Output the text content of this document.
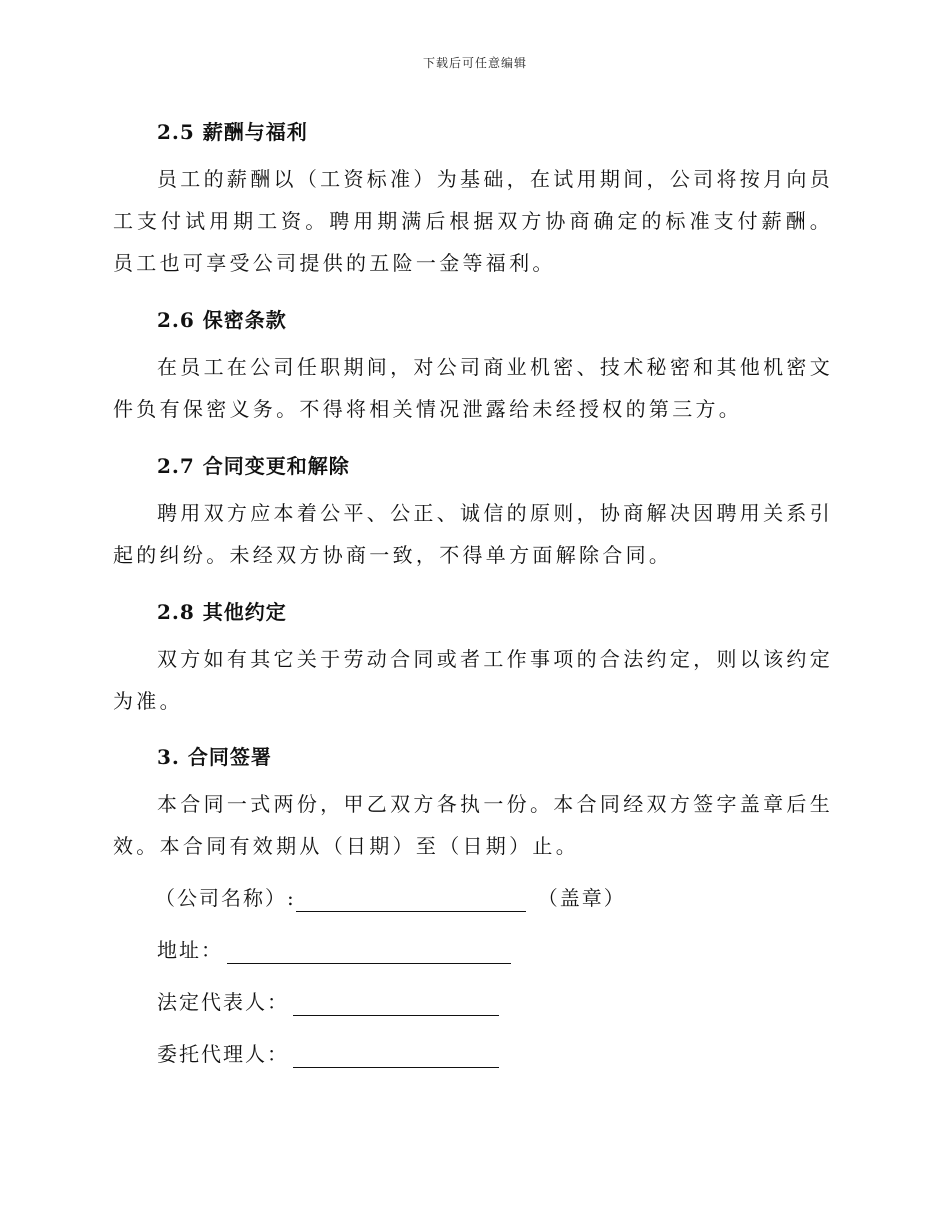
下载后可任意编辑
2.5 薪酬与福利
员工的薪酬以（工资标准）为基础，在试用期间，公司将按月向员工支付试用期工资。聘用期满后根据双方协商确定的标准支付薪酬。员工也可享受公司提供的五险一金等福利。
2.6 保密条款
在员工在公司任职期间，对公司商业机密、技术秘密和其他机密文件负有保密义务。不得将相关情况泄露给未经授权的第三方。
2.7 合同变更和解除
聘用双方应本着公平、公正、诚信的原则，协商解决因聘用关系引起的纠纷。未经双方协商一致，不得单方面解除合同。
2.8 其他约定
双方如有其它关于劳动合同或者工作事项的合法约定，则以该约定为准。
3. 合同签署
本合同一式两份，甲乙双方各执一份。本合同经双方签字盖章后生效。本合同有效期从（日期）至（日期）止。
（公司名称）:	（盖章）
地址：
法定代表人：
委托代理人：
